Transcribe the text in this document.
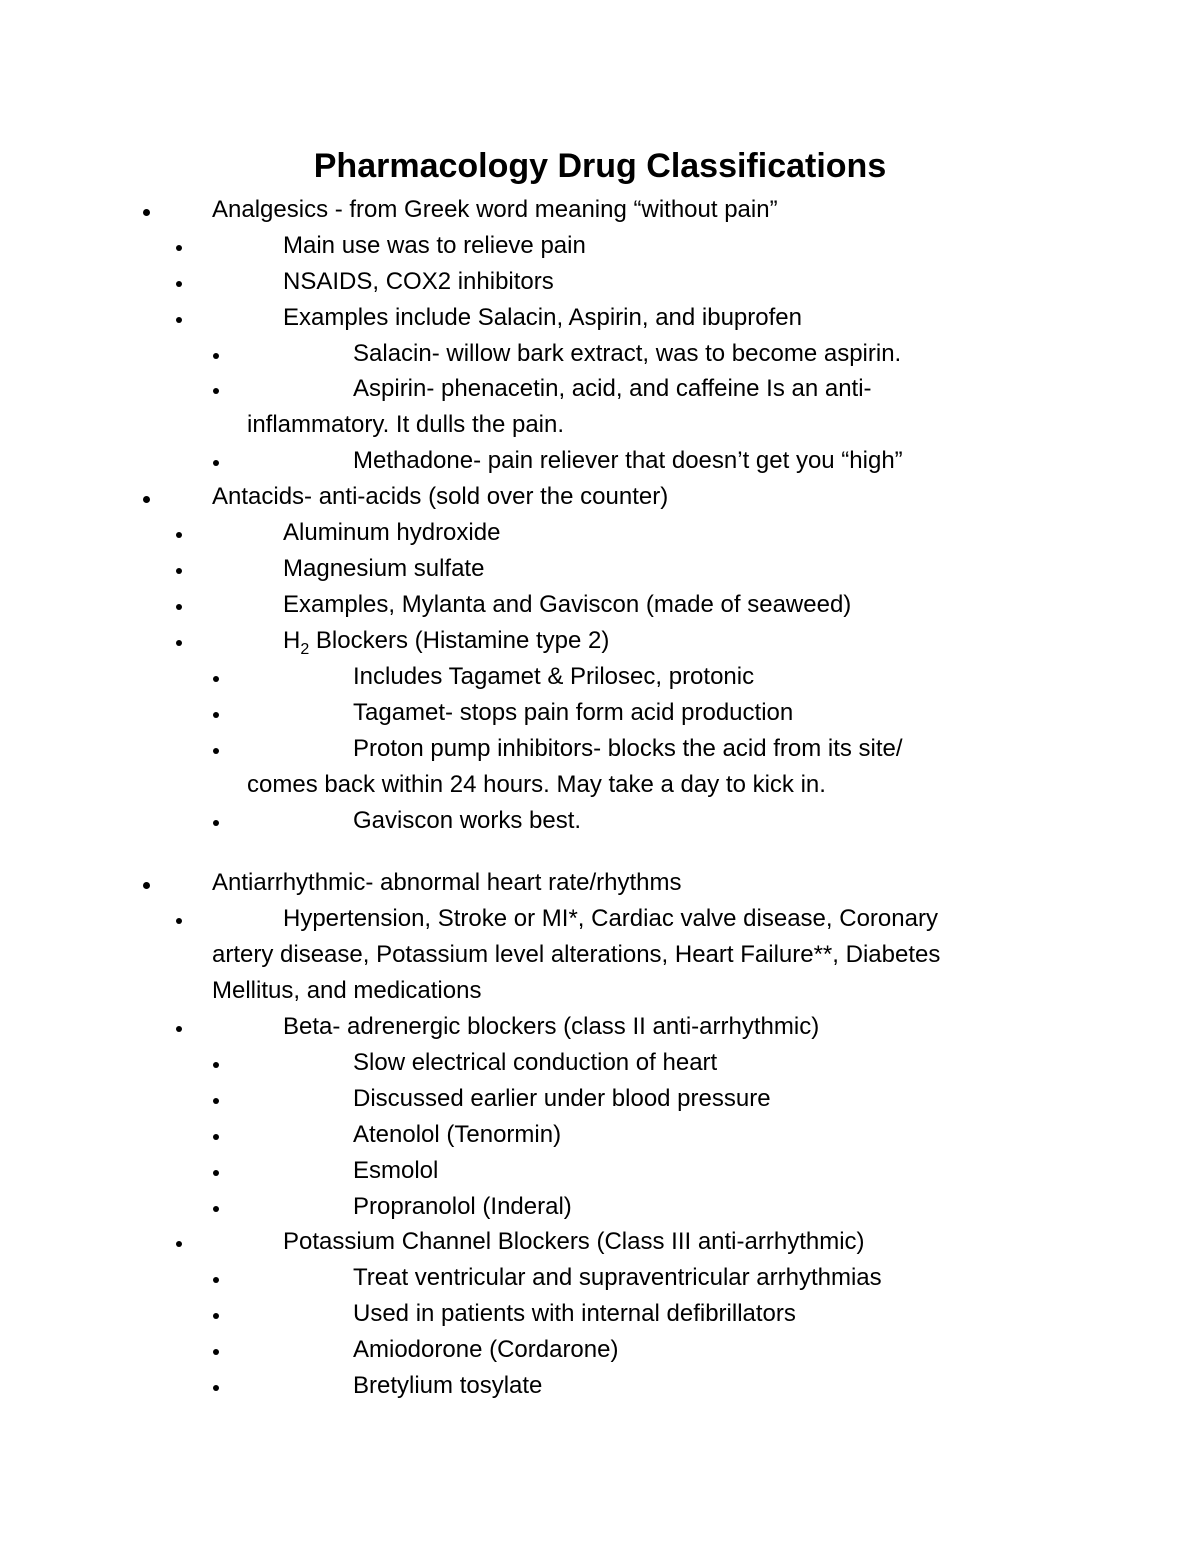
Pharmacology Drug Classifications
Analgesics - from Greek word meaning “without pain”
Main use was to relieve pain
NSAIDS, COX2 inhibitors
Examples include Salacin, Aspirin, and ibuprofen
Salacin- willow bark extract, was to become aspirin.
Aspirin- phenacetin, acid, and caffeine Is an anti-
inflammatory. It dulls the pain.
Methadone- pain reliever that doesn’t get you “high”
Antacids- anti-acids (sold over the counter)
Aluminum hydroxide
Magnesium sulfate
Examples, Mylanta and Gaviscon (made of seaweed)
$H_2$ Blockers (Histamine type 2)
Includes Tagamet & Prilosec, protonic
Tagamet- stops pain form acid production
Proton pump inhibitors- blocks the acid from its site/
comes back within 24 hours. May take a day to kick in.
Gaviscon works best.
Antiarrhythmic- abnormal heart rate/rhythms
Hypertension, Stroke or MI*, Cardiac valve disease, Coronary
artery disease, Potassium level alterations, Heart Failure**, Diabetes
Mellitus, and medications
Beta- adrenergic blockers (class II anti-arrhythmic)
Slow electrical conduction of heart
Discussed earlier under blood pressure
Atenolol (Tenormin)
Esmolol
Propranolol (Inderal)
Potassium Channel Blockers (Class III anti-arrhythmic)
Treat ventricular and supraventricular arrhythmias
Used in patients with internal defibrillators
Amiodorone (Cordarone)
Bretylium tosylate
